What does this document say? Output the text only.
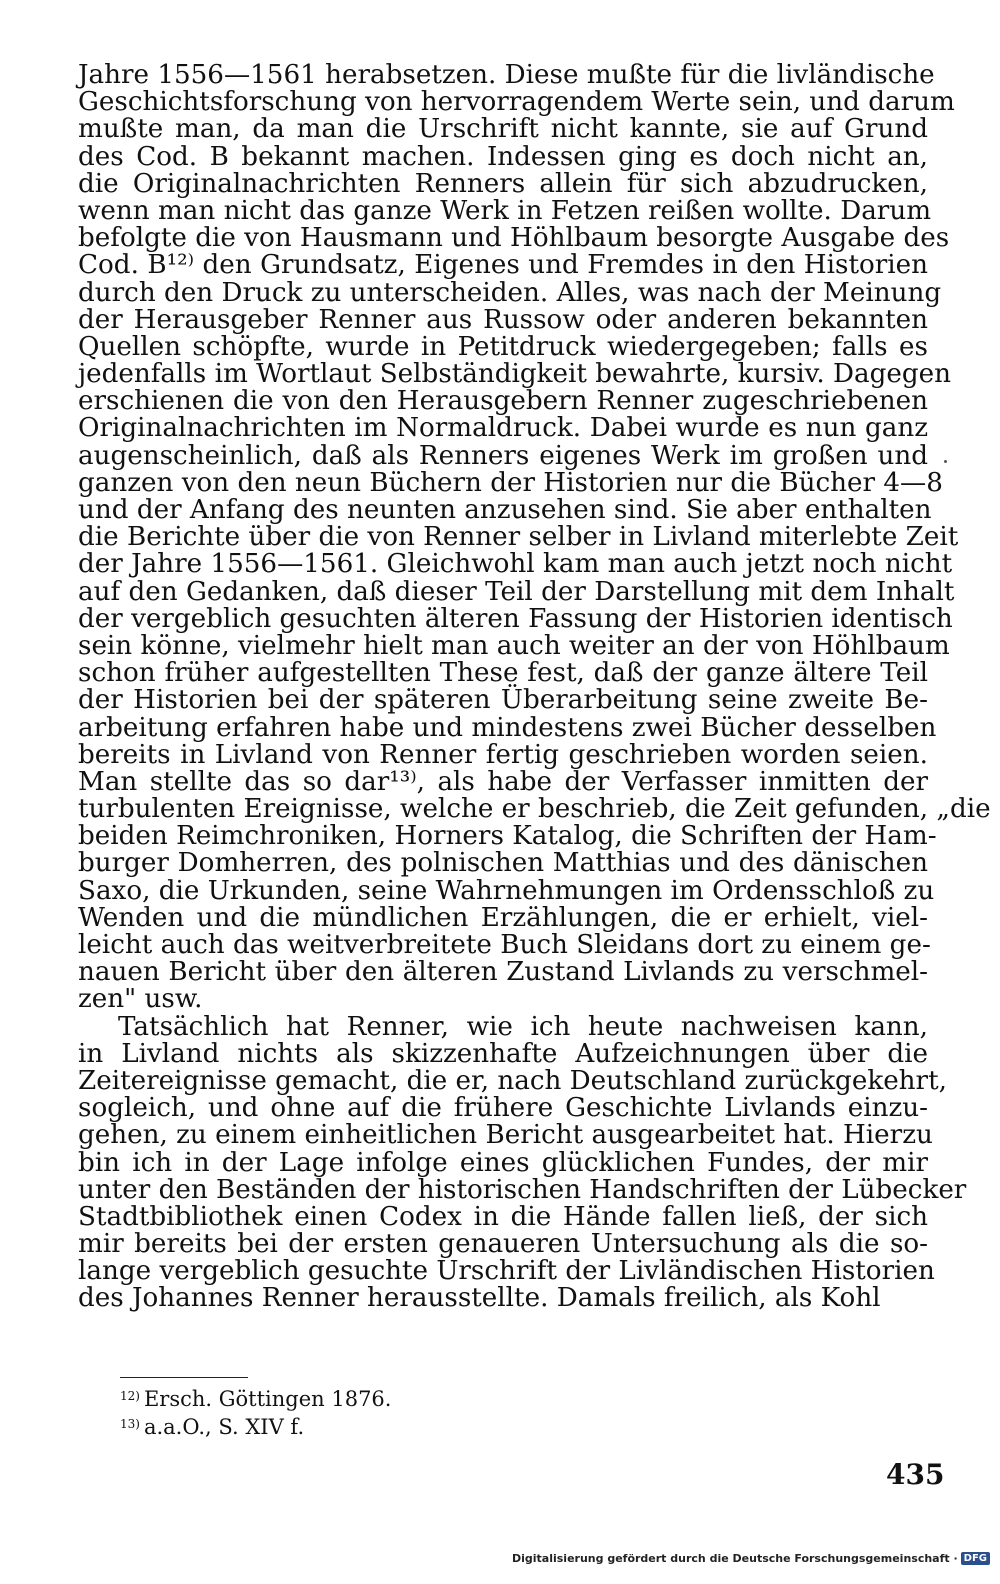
Jahre 1556—1561 herabsetzen. Diese mußte für die livländische
Geschichtsforschung von hervorragendem Werte sein, und darum
mußte man, da man die Urschrift nicht kannte, sie auf Grund
des Cod. B bekannt machen. Indessen ging es doch nicht an,
die Originalnachrichten Renners allein für sich abzudrucken,
wenn man nicht das ganze Werk in Fetzen reißen wollte. Darum
befolgte die von Hausmann und Höhlbaum besorgte Ausgabe des
Cod. B¹²⁾ den Grundsatz, Eigenes und Fremdes in den Historien
durch den Druck zu unterscheiden. Alles, was nach der Meinung
der Herausgeber Renner aus Russow oder anderen bekannten
Quellen schöpfte, wurde in Petitdruck wiedergegeben; falls es
jedenfalls im Wortlaut Selbständigkeit bewahrte, kursiv. Dagegen
erschienen die von den Herausgebern Renner zugeschriebenen
Originalnachrichten im Normaldruck. Dabei wurde es nun ganz
augenscheinlich, daß als Renners eigenes Werk im großen und
ganzen von den neun Büchern der Historien nur die Bücher 4—8
und der Anfang des neunten anzusehen sind. Sie aber enthalten
die Berichte über die von Renner selber in Livland miterlebte Zeit
der Jahre 1556—1561. Gleichwohl kam man auch jetzt noch nicht
auf den Gedanken, daß dieser Teil der Darstellung mit dem Inhalt
der vergeblich gesuchten älteren Fassung der Historien identisch
sein könne, vielmehr hielt man auch weiter an der von Höhlbaum
schon früher aufgestellten These fest, daß der ganze ältere Teil
der Historien bei der späteren Überarbeitung seine zweite Be-
arbeitung erfahren habe und mindestens zwei Bücher desselben
bereits in Livland von Renner fertig geschrieben worden seien.
Man stellte das so dar¹³⁾, als habe der Verfasser inmitten der
turbulenten Ereignisse, welche er beschrieb, die Zeit gefunden, „die
beiden Reimchroniken, Horners Katalog, die Schriften der Ham-
burger Domherren, des polnischen Matthias und des dänischen
Saxo, die Urkunden, seine Wahrnehmungen im Ordensschloß zu
Wenden und die mündlichen Erzählungen, die er erhielt, viel-
leicht auch das weitverbreitete Buch Sleidans dort zu einem ge-
nauen Bericht über den älteren Zustand Livlands zu verschmel-
zen" usw.
Tatsächlich hat Renner, wie ich heute nachweisen kann,
in Livland nichts als skizzenhafte Aufzeichnungen über die
Zeitereignisse gemacht, die er, nach Deutschland zurückgekehrt,
sogleich, und ohne auf die frühere Geschichte Livlands einzu-
gehen, zu einem einheitlichen Bericht ausgearbeitet hat. Hierzu
bin ich in der Lage infolge eines glücklichen Fundes, der mir
unter den Beständen der historischen Handschriften der Lübecker
Stadtbibliothek einen Codex in die Hände fallen ließ, der sich
mir bereits bei der ersten genaueren Untersuchung als die so-
lange vergeblich gesuchte Urschrift der Livländischen Historien
des Johannes Renner herausstellte. Damals freilich, als Kohl
$^{12)}$ Ersch. Göttingen 1876.
$^{13)}$ a.a.O., S. XIV f.
435
Digitalisierung gefördert durch die Deutsche Forschungsgemeinschaft · DFG
